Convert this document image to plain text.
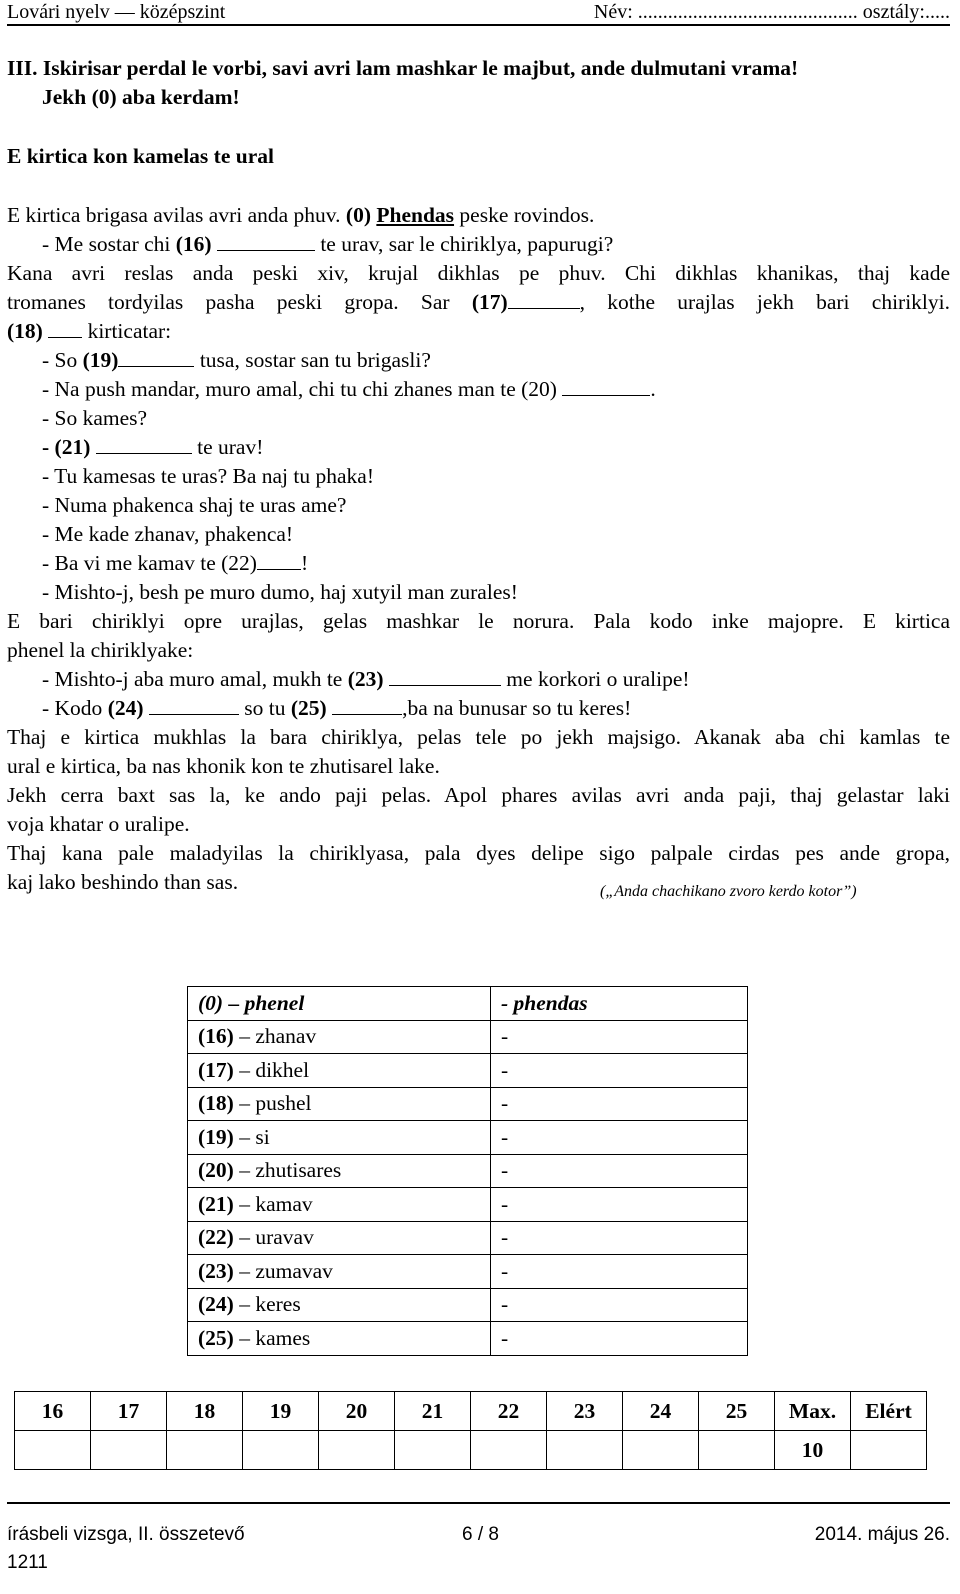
Lovári nyelv — középszint	Név: ............................................ osztály:.....

III. Iskirisar perdal le vorbi, savi avri lam mashkar le majbut, ande dulmutani vrama!

Jekh (0) aba kerdam!

E kirtica kon kamelas te ural

E kirtica brigasa avilas avri anda phuv. (0) Phendas peske rovindos.

- Me sostar chi (16)	te urav, sar le chiriklya, papurugi?

Kana avri reslas anda peski xiv, krujal dikhlas pe phuv. Chi dikhlas khanikas, thaj kade

tromanes tordyilas pasha peski gropa. Sar (17)	, kothe urajlas jekh bari chiriklyi.

(18)  kirticatar:

- So (19)	tusa, sostar san tu brigasli?

- Na push mandar, muro amal, chi tu chi zhanes man te (20)	.

- So kames?

- (21)	te urav!

- Tu kamesas te uras? Ba naj tu phaka!

- Numa phakenca shaj te uras ame?

- Me kade zhanav, phakenca!

- Ba vi me kamav te (22) !

- Mishto-j, besh pe muro dumo, haj xutyil man zurales!

E bari chiriklyi opre urajlas, gelas mashkar le norura. Pala kodo inke majopre. E kirtica

phenel la chiriklyake:

- Mishto-j aba muro amal, mukh te (23)	me korkori o uralipe!

- Kodo (24)	so tu (25)	,ba na bunusar so tu keres!

Thaj e kirtica mukhlas la bara chiriklya, pelas tele po jekh majsigo. Akanak aba chi kamlas te

ural e kirtica, ba nas khonik kon te zhutisarel lake.

Jekh cerra baxt sas la, ke ando paji pelas. Apol phares avilas avri anda paji, thaj gelastar laki

voja khatar o uralipe.

Thaj kana pale maladyilas la chiriklyasa, pala dyes delipe sigo palpale cirdas pes ande gropa,

kaj lako beshindo than sas.	(„Anda chachikano zvoro kerdo kotor”)
(0) – phenel	- phendas
(16) – zhanav	-
(17) – dikhel	-
(18) – pushel	-
(19) – si	-
(20) – zhutisares	-
(21) – kamav	-
(22) – uravav	-
(23) – zumavav	-
(24) – keres	-
(25) – kames	-
16	17	18	19	20	21	22	23	24	25	Max.	Elért
										10	
írásbeli vizsga, II. összetevő	6 / 8	2014. május 26.
1211
